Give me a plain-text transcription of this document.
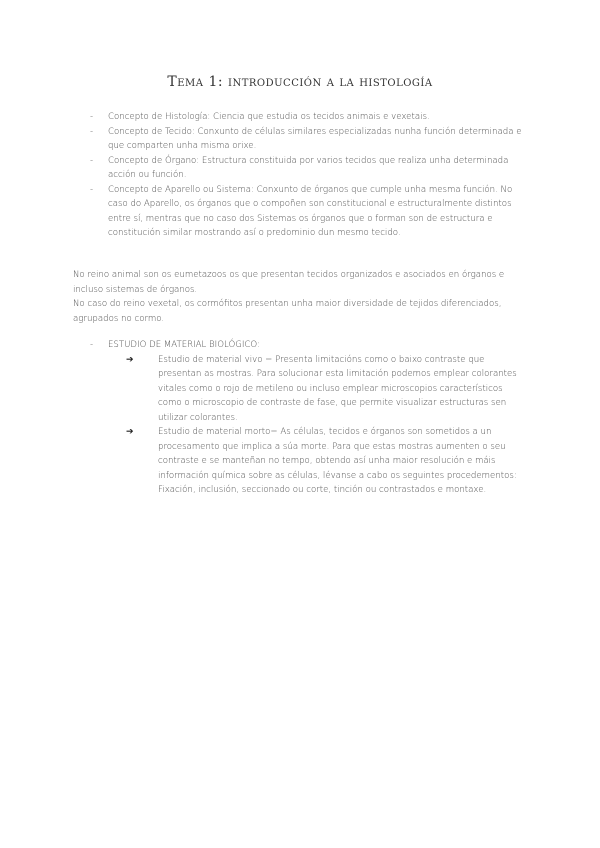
Tema 1: introducción a la histología
- Concepto de Histología: Ciencia que estudia os tecidos animais e vexetais.
- Concepto de Tecido: Conxunto de células similares especializadas nunha función determinada e que comparten unha misma orixe.
- Concepto de Órgano: Estructura constituida por varios tecidos que realiza unha determinada acción ou función.
- Concepto de Aparello ou Sistema: Conxunto de órganos que cumple unha mesma función. No caso do Aparello, os órganos que o compoñen son constitucional e estructuralmente distintos entre sí, mentras que no caso dos Sistemas os órganos que o forman son de estructura e constitución similar mostrando así o predominio dun mesmo tecido.

No reino animal son os eumetazoos os que presentan tecidos organizados e asociados en órganos e incluso sistemas de órganos.

No caso do reino vexetal, os cormófitos presentan unha maior diversidade de tejidos diferenciados, agrupados no cormo.

- ESTUDIO DE MATERIAL BIOLÓGICO:
➔	Estudio de material vivo = Presenta limitacións como o baixo contraste que presentan as mostras. Para solucionar esta limitación podemos emplear colorantes vitales como o rojo de metileno ou incluso emplear microscopios característicos como o microscopio de contraste de fase, que permite visualizar estructuras sen utilizar colorantes.
➔	Estudio de material morto= As células, tecidos e órganos son sometidos a un procesamento que implica a súa morte. Para que estas mostras aumenten o seu contraste e se manteñan no tempo, obtendo así unha maior resolución e máis información química sobre as células, lévanse a cabo os seguintes procedementos: Fixación, inclusión, seccionado ou corte, tinción ou contrastados e montaxe.
